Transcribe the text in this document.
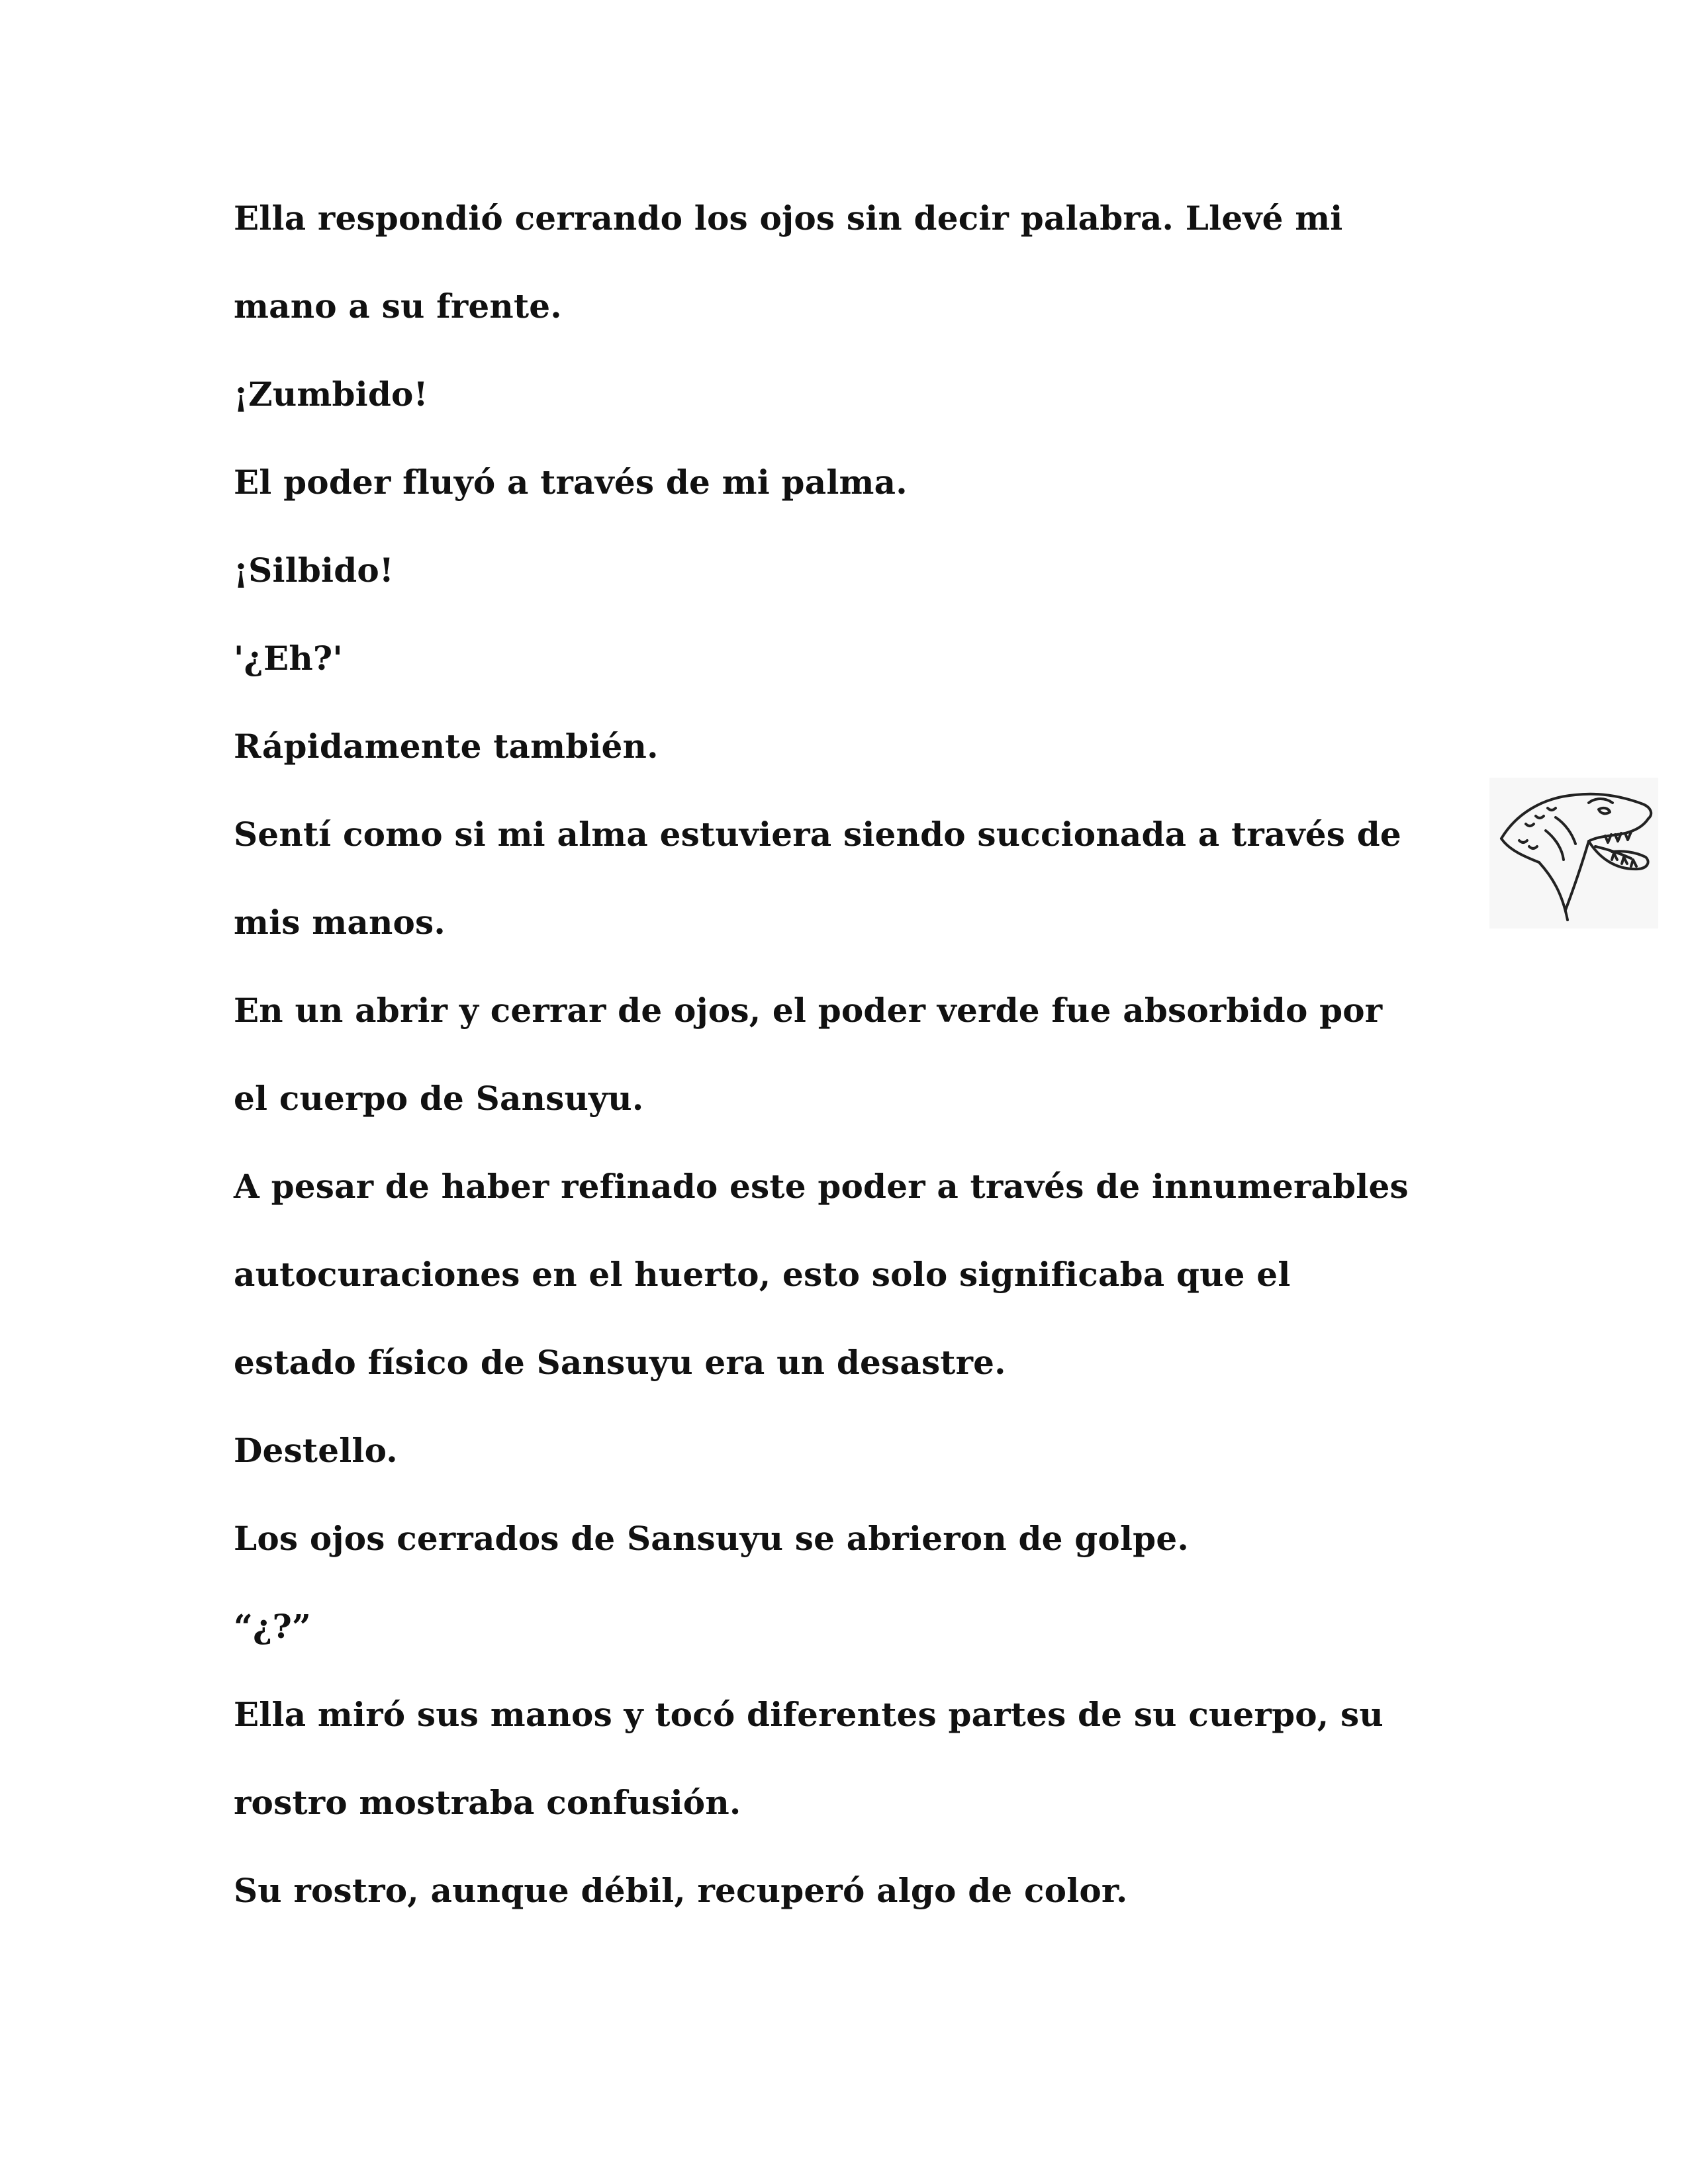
Ella respondió cerrando los ojos sin decir palabra. Llevé mi
mano a su frente.
¡Zumbido!
El poder fluyó a través de mi palma.
¡Silbido!
'¿Eh?'
Rápidamente también.
Sentí como si mi alma estuviera siendo succionada a través de
mis manos.
En un abrir y cerrar de ojos, el poder verde fue absorbido por
el cuerpo de Sansuyu.
A pesar de haber refinado este poder a través de innumerables
autocuraciones en el huerto, esto solo significaba que el
estado físico de Sansuyu era un desastre.
Destello.
Los ojos cerrados de Sansuyu se abrieron de golpe.
“¿?”
Ella miró sus manos y tocó diferentes partes de su cuerpo, su
rostro mostraba confusión.
Su rostro, aunque débil, recuperó algo de color.
